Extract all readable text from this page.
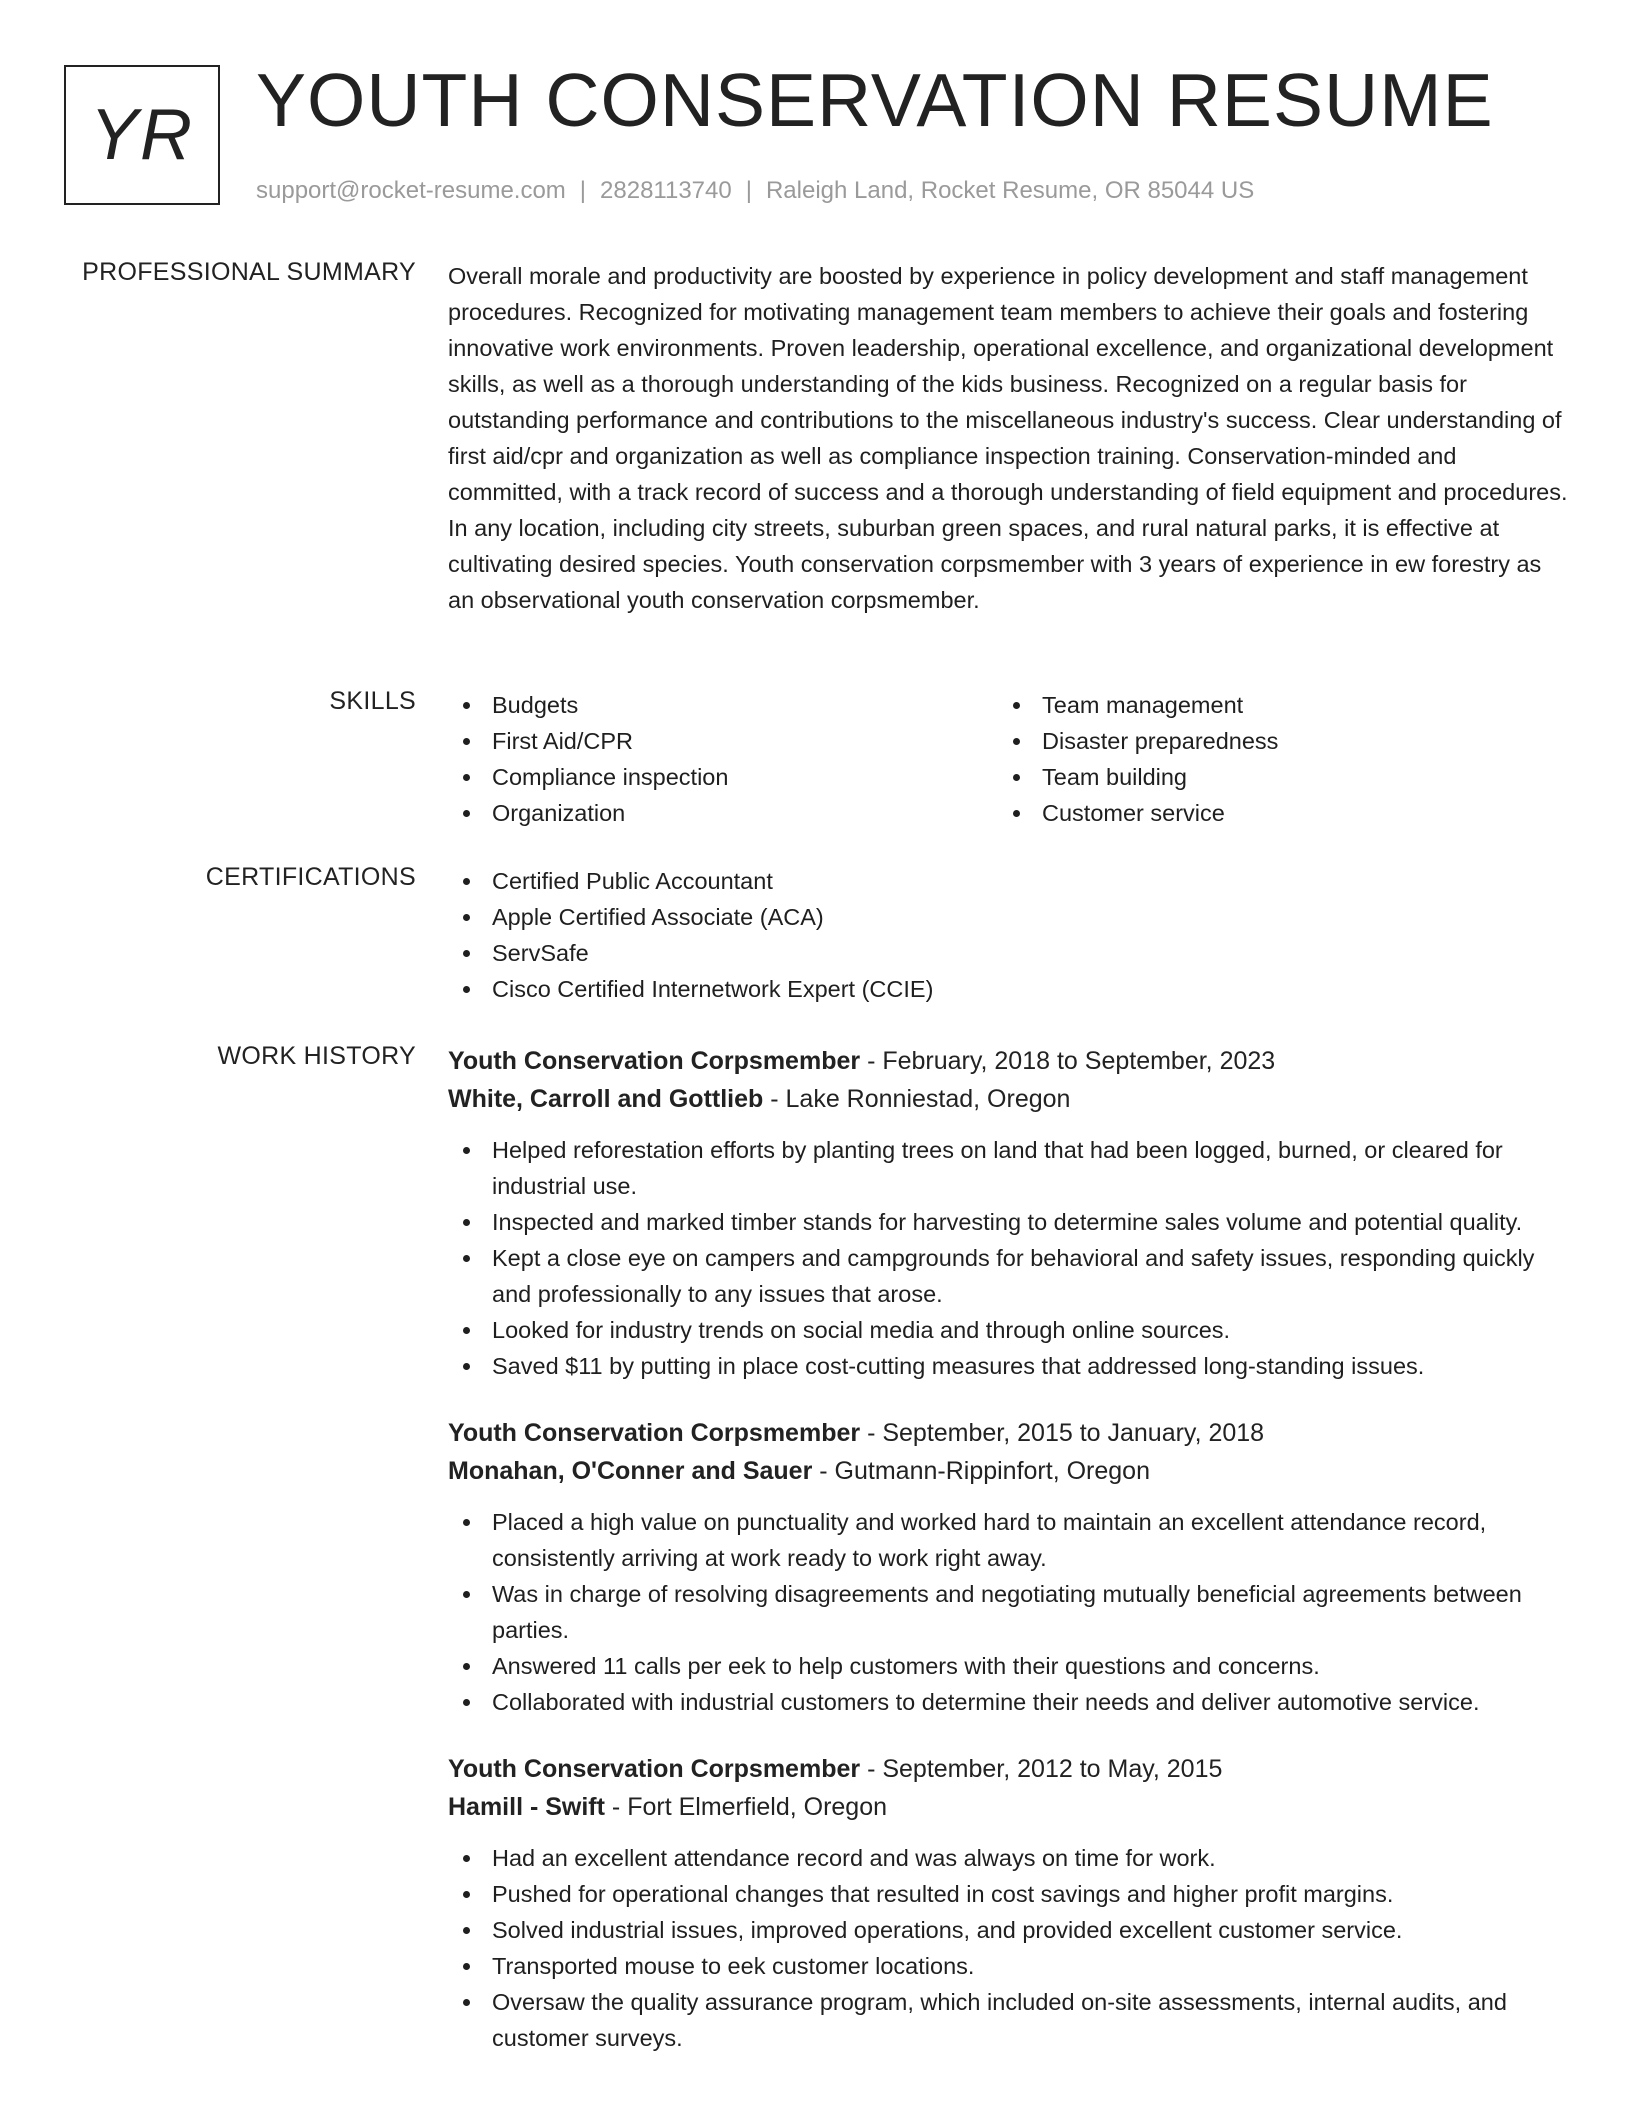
YR YOUTH CONSERVATION RESUME
support@rocket-resume.com | 2828113740 | Raleigh Land, Rocket Resume, OR 85044 US
PROFESSIONAL SUMMARY Overall morale and productivity are boosted by experience in policy development and staff management procedures. Recognized for motivating management team members to achieve their goals and fostering innovative work environments. Proven leadership, operational excellence, and organizational development skills, as well as a thorough understanding of the kids business. Recognized on a regular basis for outstanding performance and contributions to the miscellaneous industry's success. Clear understanding of first aid/cpr and organization as well as compliance inspection training. Conservation-minded and committed, with a track record of success and a thorough understanding of field equipment and procedures. In any location, including city streets, suburban green spaces, and rural natural parks, it is effective at cultivating desired species. Youth conservation corpsmember with 3 years of experience in ew forestry as an observational youth conservation corpsmember.

SKILLS	Budgets
First Aid/CPR
Compliance inspection
Organization
Team management
Disaster preparedness
Team building
Customer service
CERTIFICATIONS	Certified Public Accountant
Apple Certified Associate (ACA)
ServSafe
Cisco Certified Internetwork Expert (CCIE)
WORK HISTORY Youth Conservation Corpsmember - February, 2018 to September, 2023
White, Carroll and Gottlieb - Lake Ronniestad, Oregon
Helped reforestation efforts by planting trees on land that had been logged, burned, or cleared for industrial use.
Inspected and marked timber stands for harvesting to determine sales volume and potential quality.
Kept a close eye on campers and campgrounds for behavioral and safety issues, responding quickly and professionally to any issues that arose.
Looked for industry trends on social media and through online sources.
Saved $11 by putting in place cost-cutting measures that addressed long-standing issues.
Youth Conservation Corpsmember - September, 2015 to January, 2018
Monahan, O'Conner and Sauer - Gutmann-Rippinfort, Oregon
Placed a high value on punctuality and worked hard to maintain an excellent attendance record, consistently arriving at work ready to work right away.
Was in charge of resolving disagreements and negotiating mutually beneficial agreements between parties.
Answered 11 calls per eek to help customers with their questions and concerns.
Collaborated with industrial customers to determine their needs and deliver automotive service.
Youth Conservation Corpsmember - September, 2012 to May, 2015
Hamill - Swift - Fort Elmerfield, Oregon
Had an excellent attendance record and was always on time for work.
Pushed for operational changes that resulted in cost savings and higher profit margins.
Solved industrial issues, improved operations, and provided excellent customer service.
Transported mouse to eek customer locations.
Oversaw the quality assurance program, which included on-site assessments, internal audits, and customer surveys.
